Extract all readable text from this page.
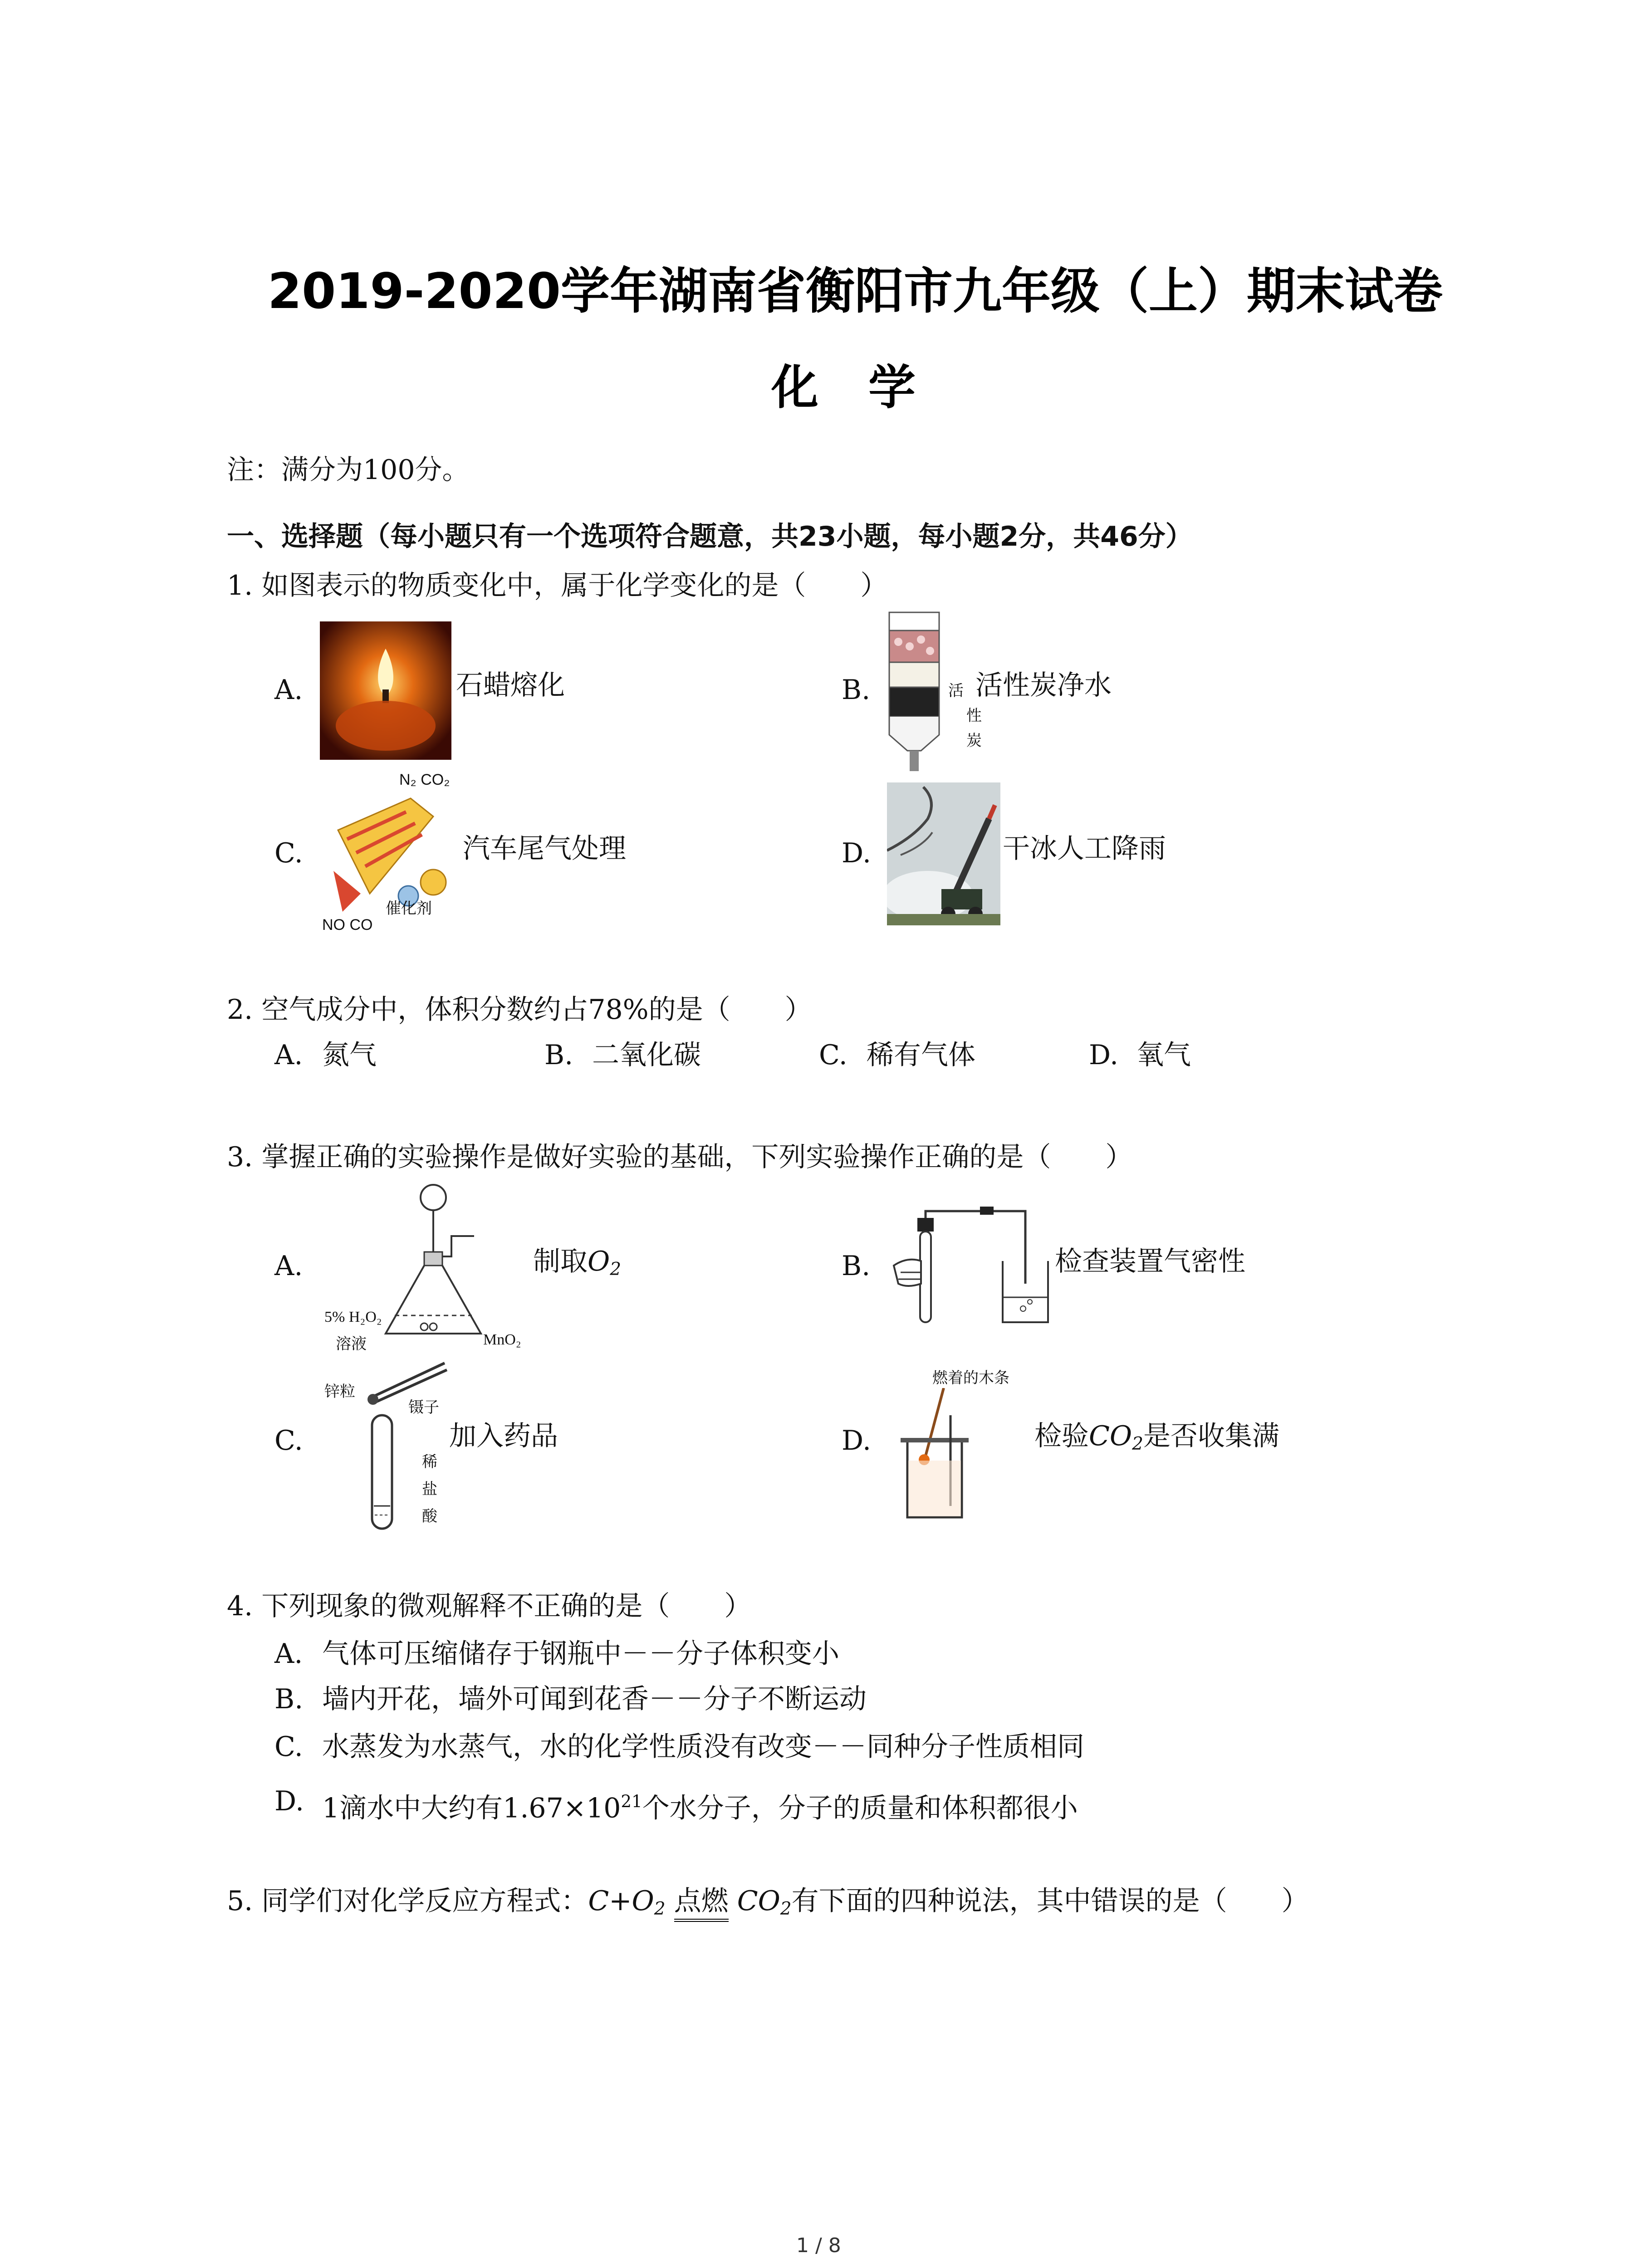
2019-2020学年湖南省衡阳市九年级（上）期末试卷
化学
注：满分为100分。
一、选择题（每小题只有一个选项符合题意，共23小题，每小题2分，共46分）
1. 如图表示的物质变化中，属于化学变化的是（　　）
A.	石蜡熔化	B.	活
性
炭
活性炭净水
C.
N₂ CO₂
催化剂
NO CO
汽车尾气处理	D.	干冰人工降雨
2. 空气成分中，体积分数约占78%的是（　　）
A. 氮气	B. 二氧化碳	C. 稀有气体	D. 氧气
3. 掌握正确的实验操作是做好实验的基础，下列实验操作正确的是（　　）
A.
5% H₂O₂
溶液	MnO₂
制取$O_2$	B.	检查装置气密性
C.
锌粒
镊子
稀
盐
酸
加入药品	D.
燃着的木条
检验$CO_2$是否收集满
4. 下列现象的微观解释不正确的是（　　）
A. 气体可压缩储存于钢瓶中－－分子体积变小
B. 墙内开花，墙外可闻到花香－－分子不断运动
C. 水蒸发为水蒸气，水的化学性质没有改变－－同种分子性质相同
D. 1滴水中大约有$1.67\times 10^{21}$个水分子，分子的质量和体积都很小
5. 同学们对化学反应方程式：$C+O_2$ 点燃 $CO_2$有下面的四种说法，其中错误的是（　　）
1 / 8
